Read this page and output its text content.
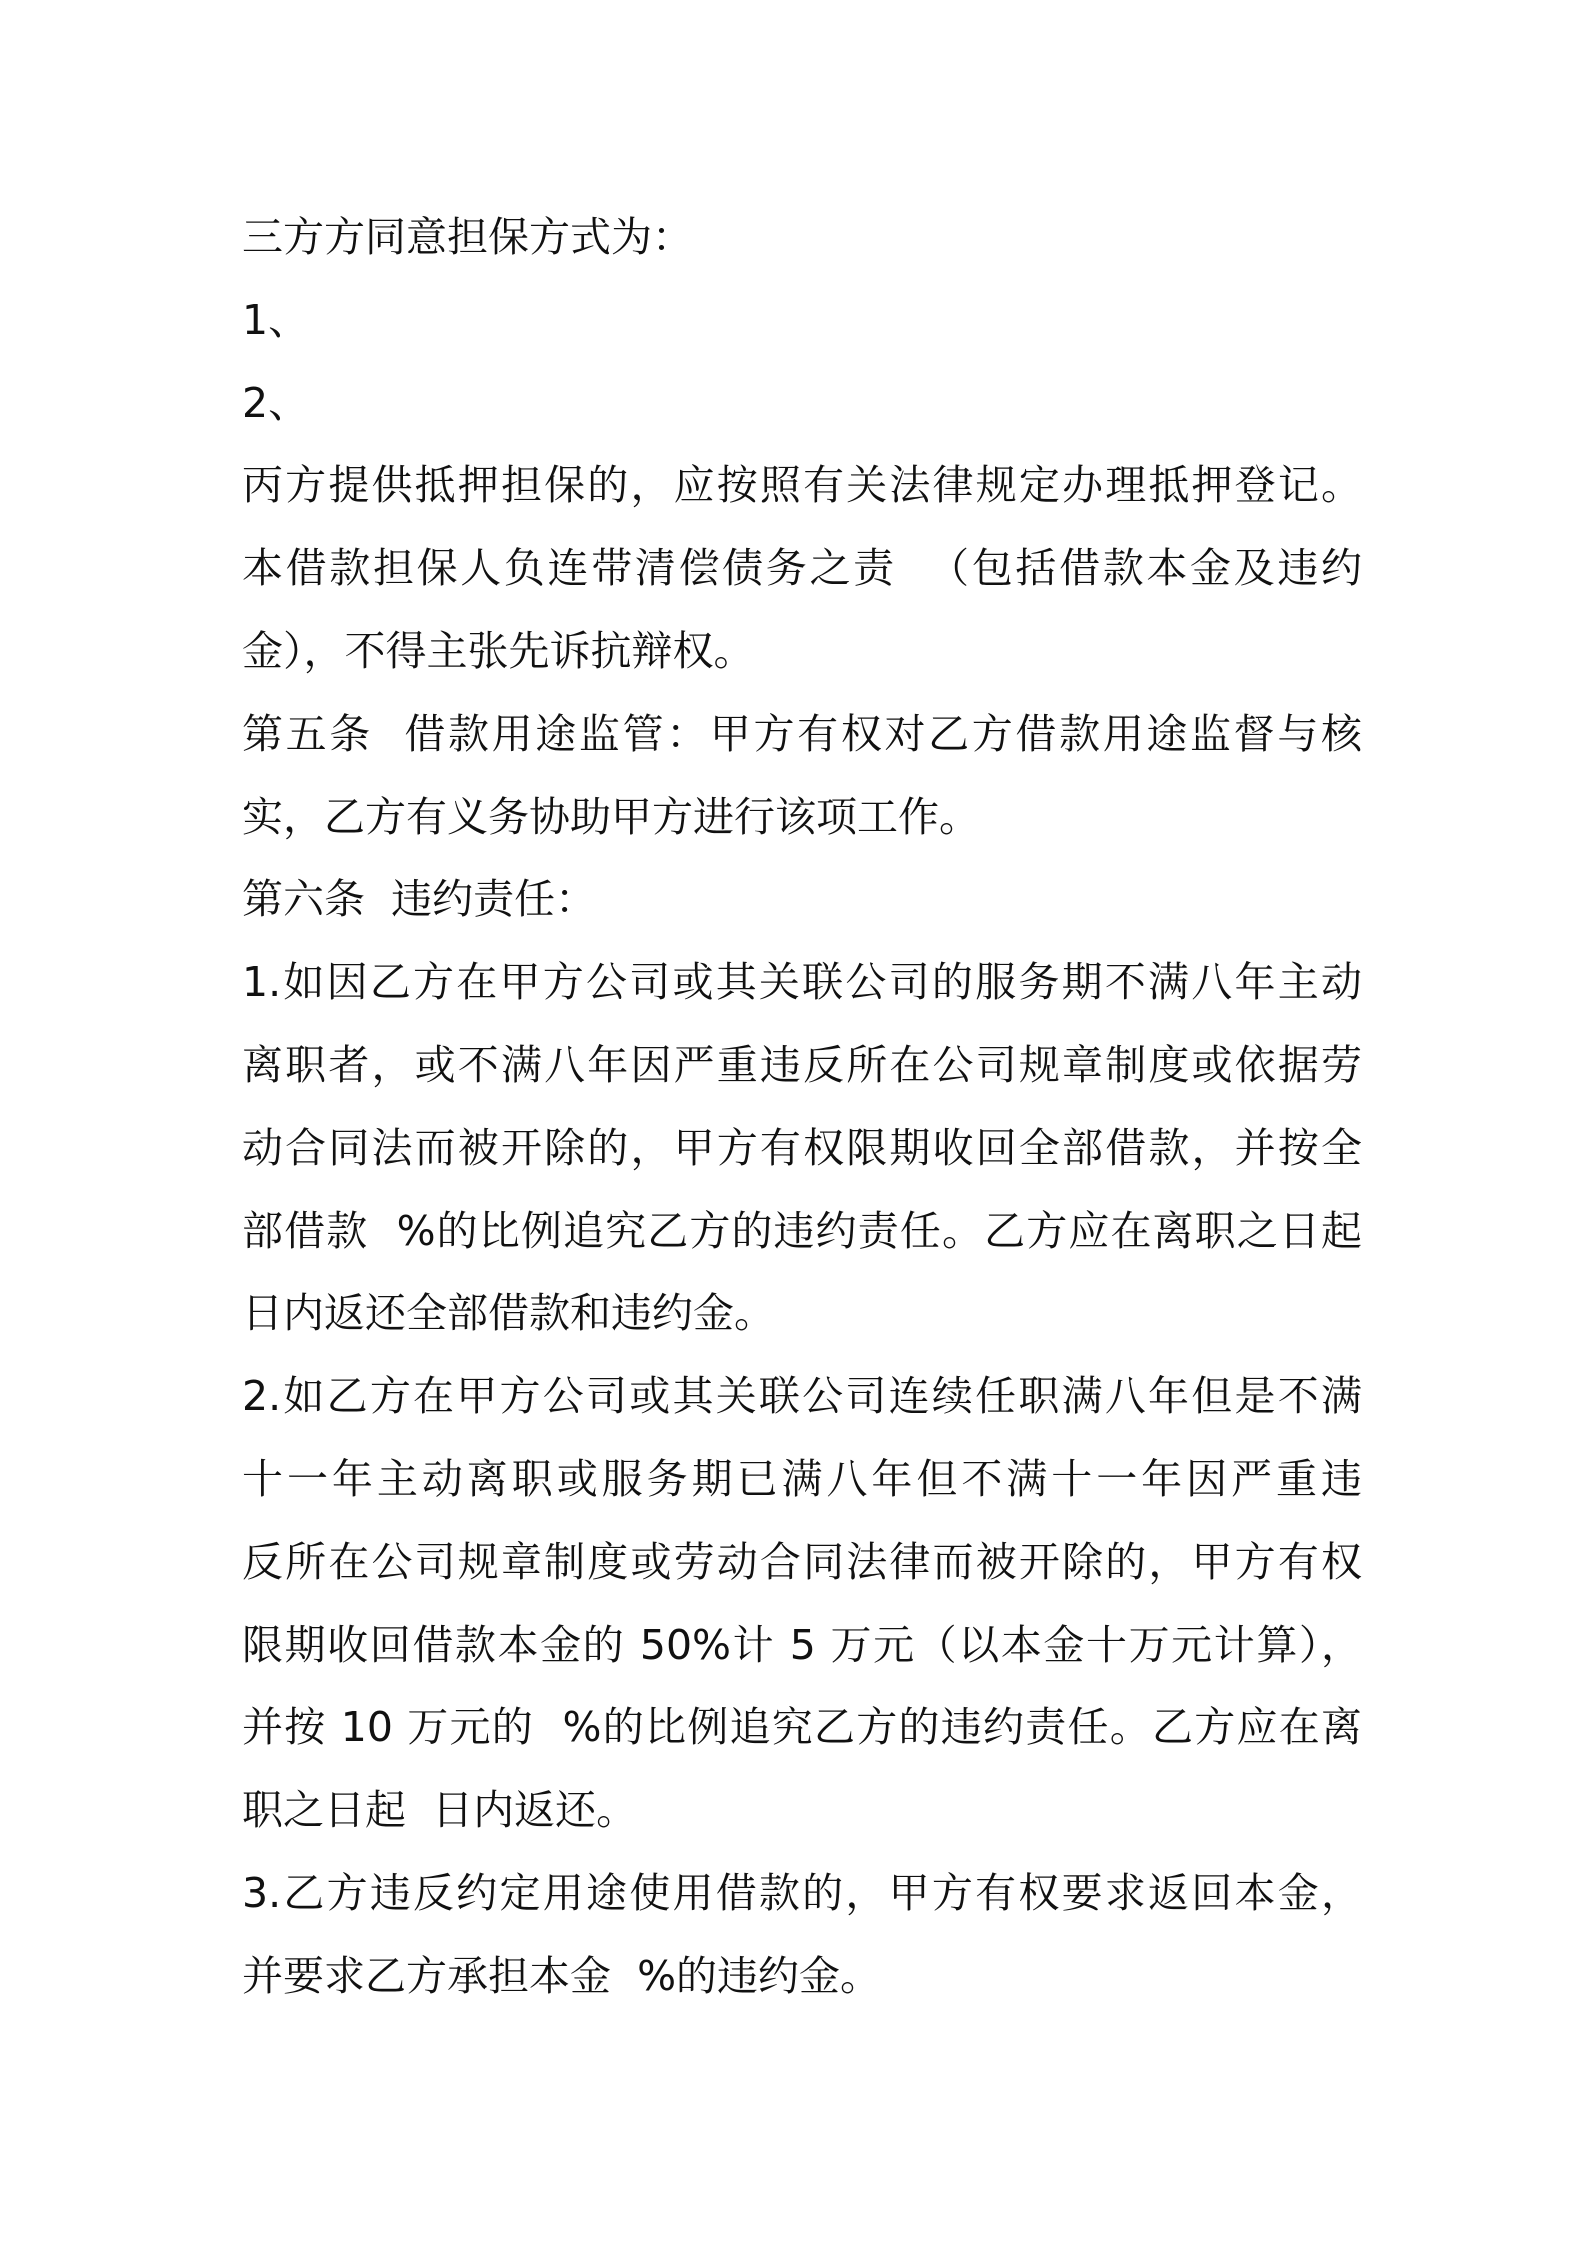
三方方同意担保方式为：
1、
2、
丙方提供抵押担保的，应按照有关法律规定办理抵押登记。
本借款担保人负连带清偿债务之责  （包括借款本金及违约
金），不得主张先诉抗辩权。
第五条  借款用途监管：甲方有权对乙方借款用途监督与核
实，乙方有义务协助甲方进行该项工作。
第六条  违约责任：
1.如因乙方在甲方公司或其关联公司的服务期不满八年主动
离职者，或不满八年因严重违反所在公司规章制度或依据劳
动合同法而被开除的，甲方有权限期收回全部借款，并按全
部借款  %的比例追究乙方的违约责任。乙方应在离职之日起
日内返还全部借款和违约金。
2.如乙方在甲方公司或其关联公司连续任职满八年但是不满
十一年主动离职或服务期已满八年但不满十一年因严重违
反所在公司规章制度或劳动合同法律而被开除的，甲方有权
限期收回借款本金的 50%计 5 万元（以本金十万元计算），
并按 10 万元的  %的比例追究乙方的违约责任。乙方应在离
职之日起  日内返还。
3.乙方违反约定用途使用借款的，甲方有权要求返回本金，
并要求乙方承担本金  %的违约金。
